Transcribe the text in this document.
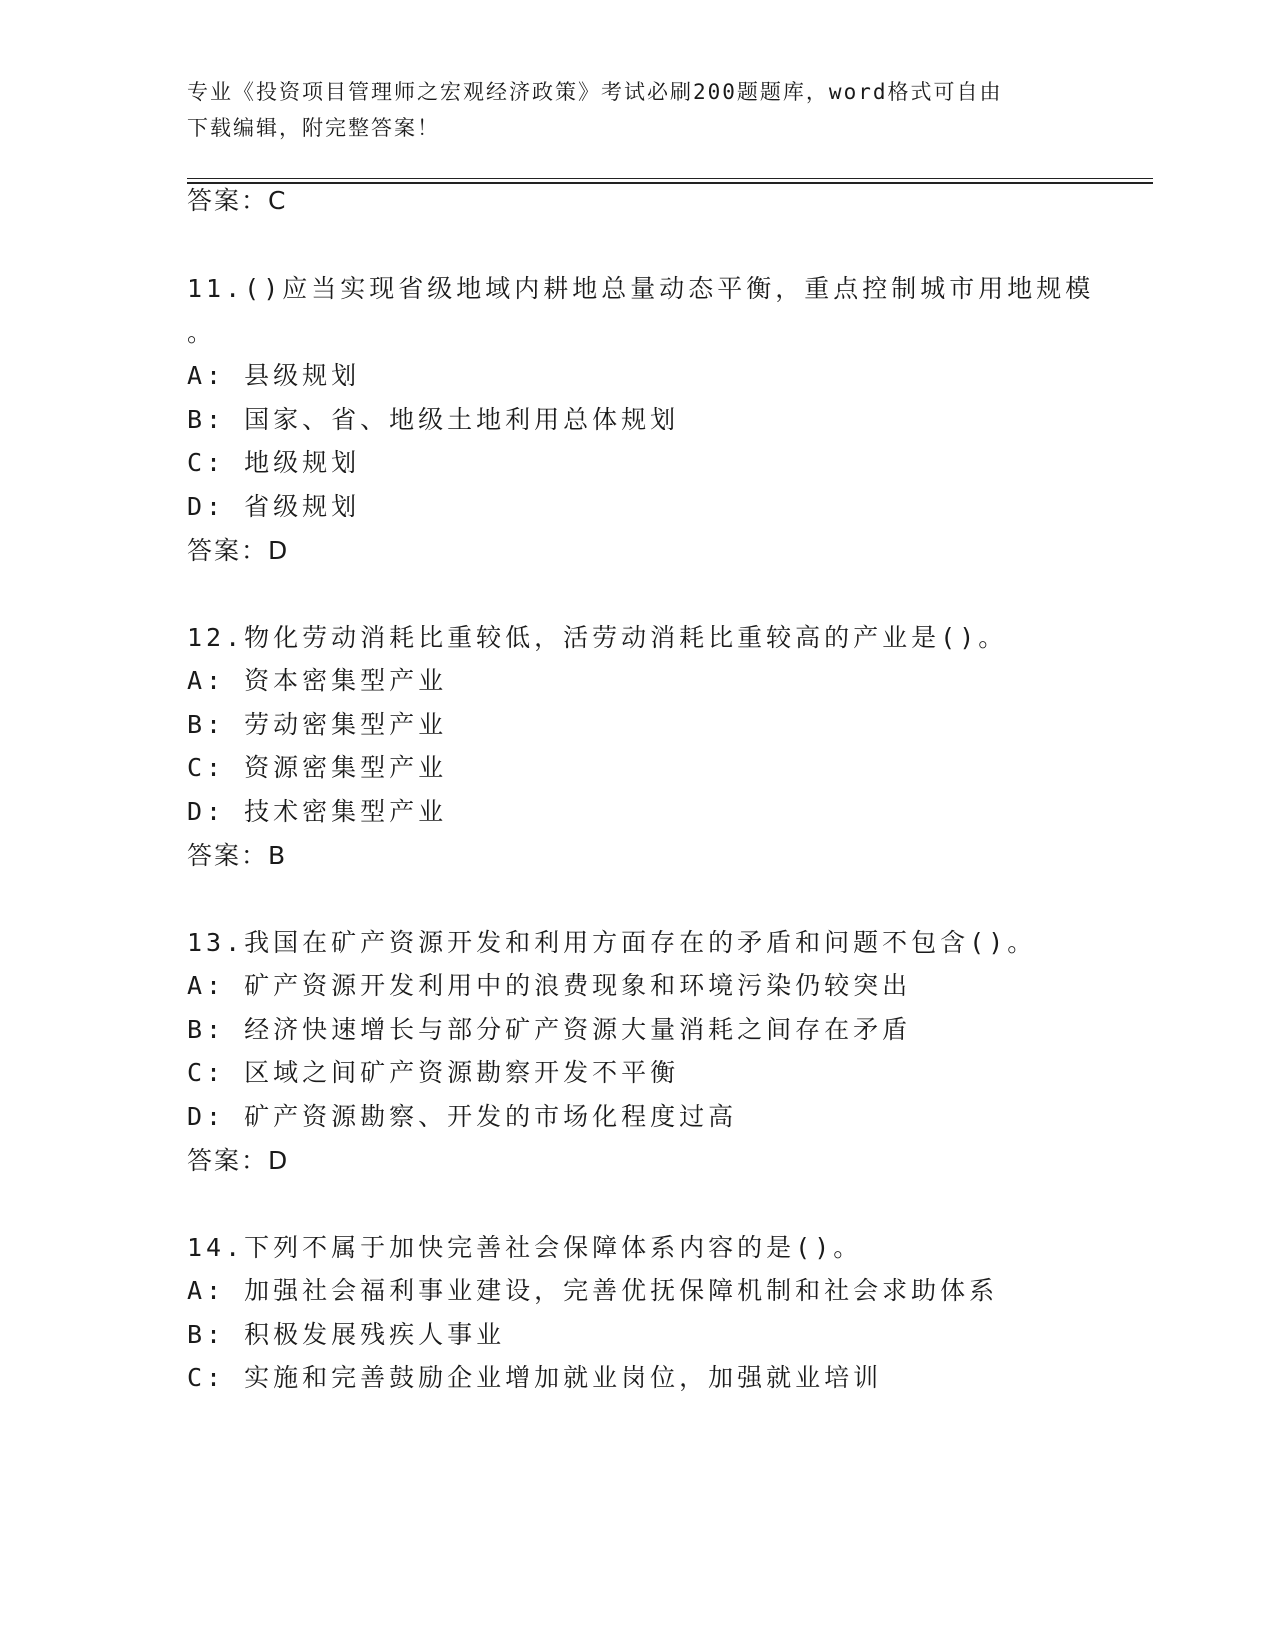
专业《投资项目管理师之宏观经济政策》考试必刷200题题库，word格式可自由
下载编辑，附完整答案！
答案：C
11.()应当实现省级地域内耕地总量动态平衡，重点控制城市用地规模
。
A: 县级规划
B: 国家、省、地级土地利用总体规划
C: 地级规划
D: 省级规划
答案：D
12.物化劳动消耗比重较低，活劳动消耗比重较高的产业是()。
A: 资本密集型产业
B: 劳动密集型产业
C: 资源密集型产业
D: 技术密集型产业
答案：B
13.我国在矿产资源开发和利用方面存在的矛盾和问题不包含()。
A: 矿产资源开发利用中的浪费现象和环境污染仍较突出
B: 经济快速增长与部分矿产资源大量消耗之间存在矛盾
C: 区域之间矿产资源勘察开发不平衡
D: 矿产资源勘察、开发的市场化程度过高
答案：D
14.下列不属于加快完善社会保障体系内容的是()。
A: 加强社会福利事业建设，完善优抚保障机制和社会求助体系
B: 积极发展残疾人事业
C: 实施和完善鼓励企业增加就业岗位，加强就业培训
